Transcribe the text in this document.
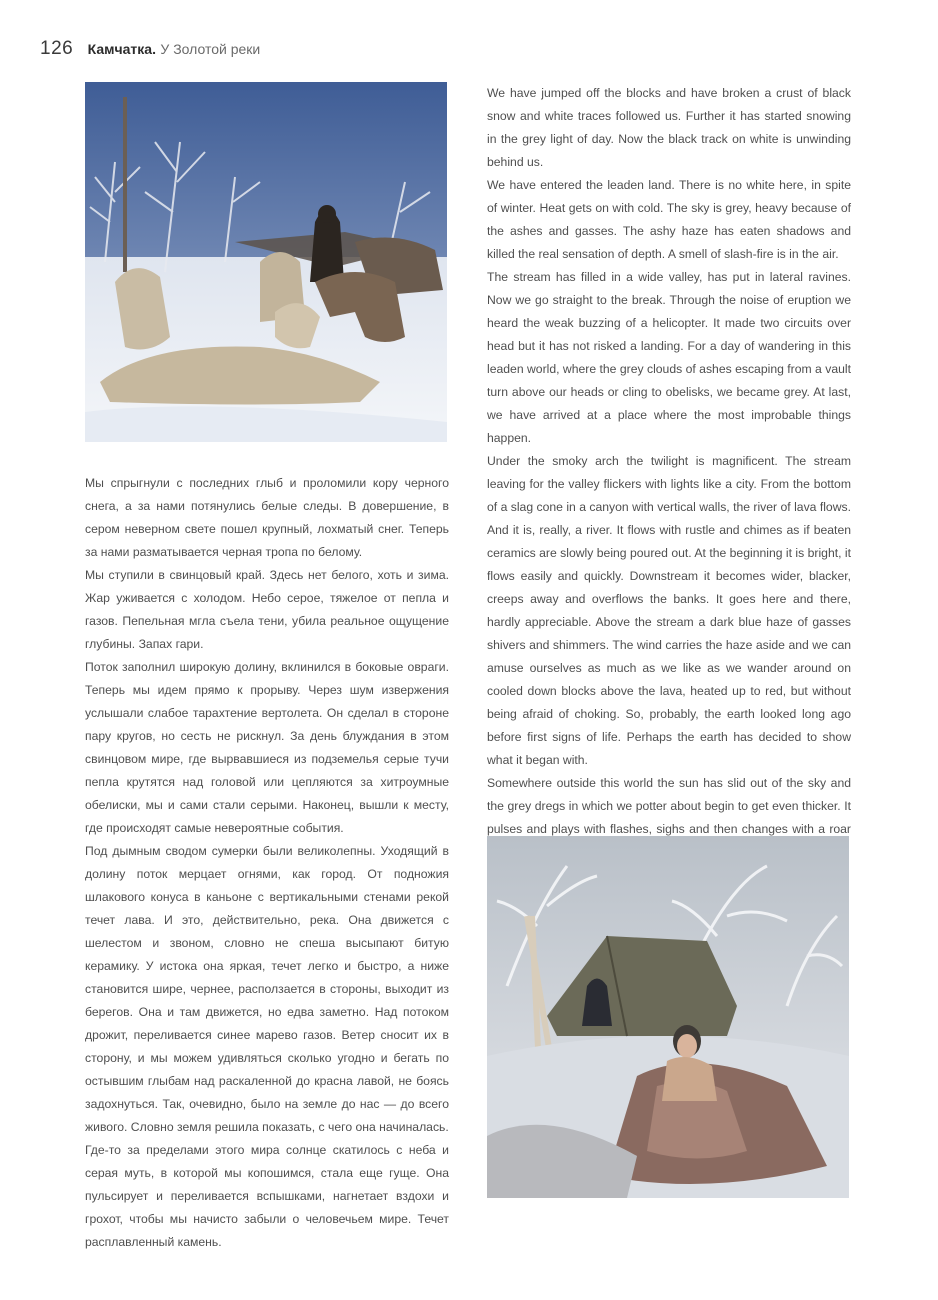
126 Камчатка. У Золотой реки

Мы спрыгнули с последних глыб и проломили кору черного снега, а за нами потянулись белые следы. В довершение, в сером неверном свете пошел крупный, лохматый снег. Теперь за нами разматывается черная тропа по белому.

Мы ступили в свинцовый край. Здесь нет белого, хоть и зима. Жар уживается с холодом. Небо серое, тяжелое от пепла и газов. Пепельная мгла съела тени, убила реальное ощущение глубины. Запах гари.

Поток заполнил широкую долину, вклинился в боковые овраги. Теперь мы идем прямо к прорыву. Через шум извержения услышали слабое тарахтение вертолета. Он сделал в стороне пару кругов, но сесть не рискнул. За день блуждания в этом свинцовом мире, где вырвавшиеся из подземелья серые тучи пепла крутятся над головой или цепляются за хитроумные обелиски, мы и сами стали серыми. Наконец, вышли к месту, где происходят самые невероятные события.

Под дымным сводом сумерки были великолепны. Уходящий в долину поток мерцает огнями, как город. От подножия шлакового конуса в каньоне с вертикальными стенами рекой течет лава. И это, действительно, река. Она движется с шелестом и звоном, словно не спеша высыпают битую керамику. У истока она яркая, течет легко и быстро, а ниже становится шире, чернее, расползается в стороны, выходит из берегов. Она и там движется, но едва заметно. Над потоком дрожит, переливается синее марево газов. Ветер сносит их в сторону, и мы можем удивляться сколько угодно и бегать по остывшим глыбам над раскаленной до красна лавой, не боясь задохнуться. Так, очевидно, было на земле до нас — до всего живого. Словно земля решила показать, с чего она начиналась.

Где-то за пределами этого мира солнце скатилось с неба и серая муть, в которой мы копошимся, стала еще гуще. Она пульсирует и переливается вспышками, нагнетает вздохи и грохот, чтобы мы начисто забыли о человечьем мире. Течет расплавленный камень.

We have jumped off the blocks and have broken a crust of black snow and white traces followed us. Further it has started snowing in the grey light of day. Now the black track on white is unwinding behind us.

We have entered the leaden land. There is no white here, in spite of winter. Heat gets on with cold. The sky is grey, heavy because of the ashes and gasses. The ashy haze has eaten shadows and killed the real sensation of depth. A smell of slash-fire is in the air.

The stream has filled in a wide valley, has put in lateral ravines. Now we go straight to the break. Through the noise of eruption we heard the weak buzzing of a helicopter. It made two circuits over head but it has not risked a landing. For a day of wandering in this leaden world, where the grey clouds of ashes escaping from a vault turn above our heads or cling to obelisks, we became grey. At last, we have arrived at a place where the most improbable things happen.

Under the smoky arch the twilight is magnificent. The stream leaving for the valley flickers with lights like a city. From the bottom of a slag cone in a canyon with vertical walls, the river of lava flows. And it is, really, a river. It flows with rustle and chimes as if beaten ceramics are slowly being poured out. At the beginning it is bright, it flows easily and quickly. Downstream it becomes wider, blacker, creeps away and overflows the banks. It goes here and there, hardly appreciable. Above the stream a dark blue haze of gasses shivers and shimmers. The wind carries the haze aside and we can amuse ourselves as much as we like as we wander around on cooled down blocks above the lava, heated up to red, but without being afraid of choking. So, probably, the earth looked long ago before first signs of life. Perhaps the earth has decided to show what it began with.

Somewhere outside this world the sun has slid out of the sky and the grey dregs in which we potter about begin to get even thicker. It pulses and plays with flashes, sighs and then changes with a roar
